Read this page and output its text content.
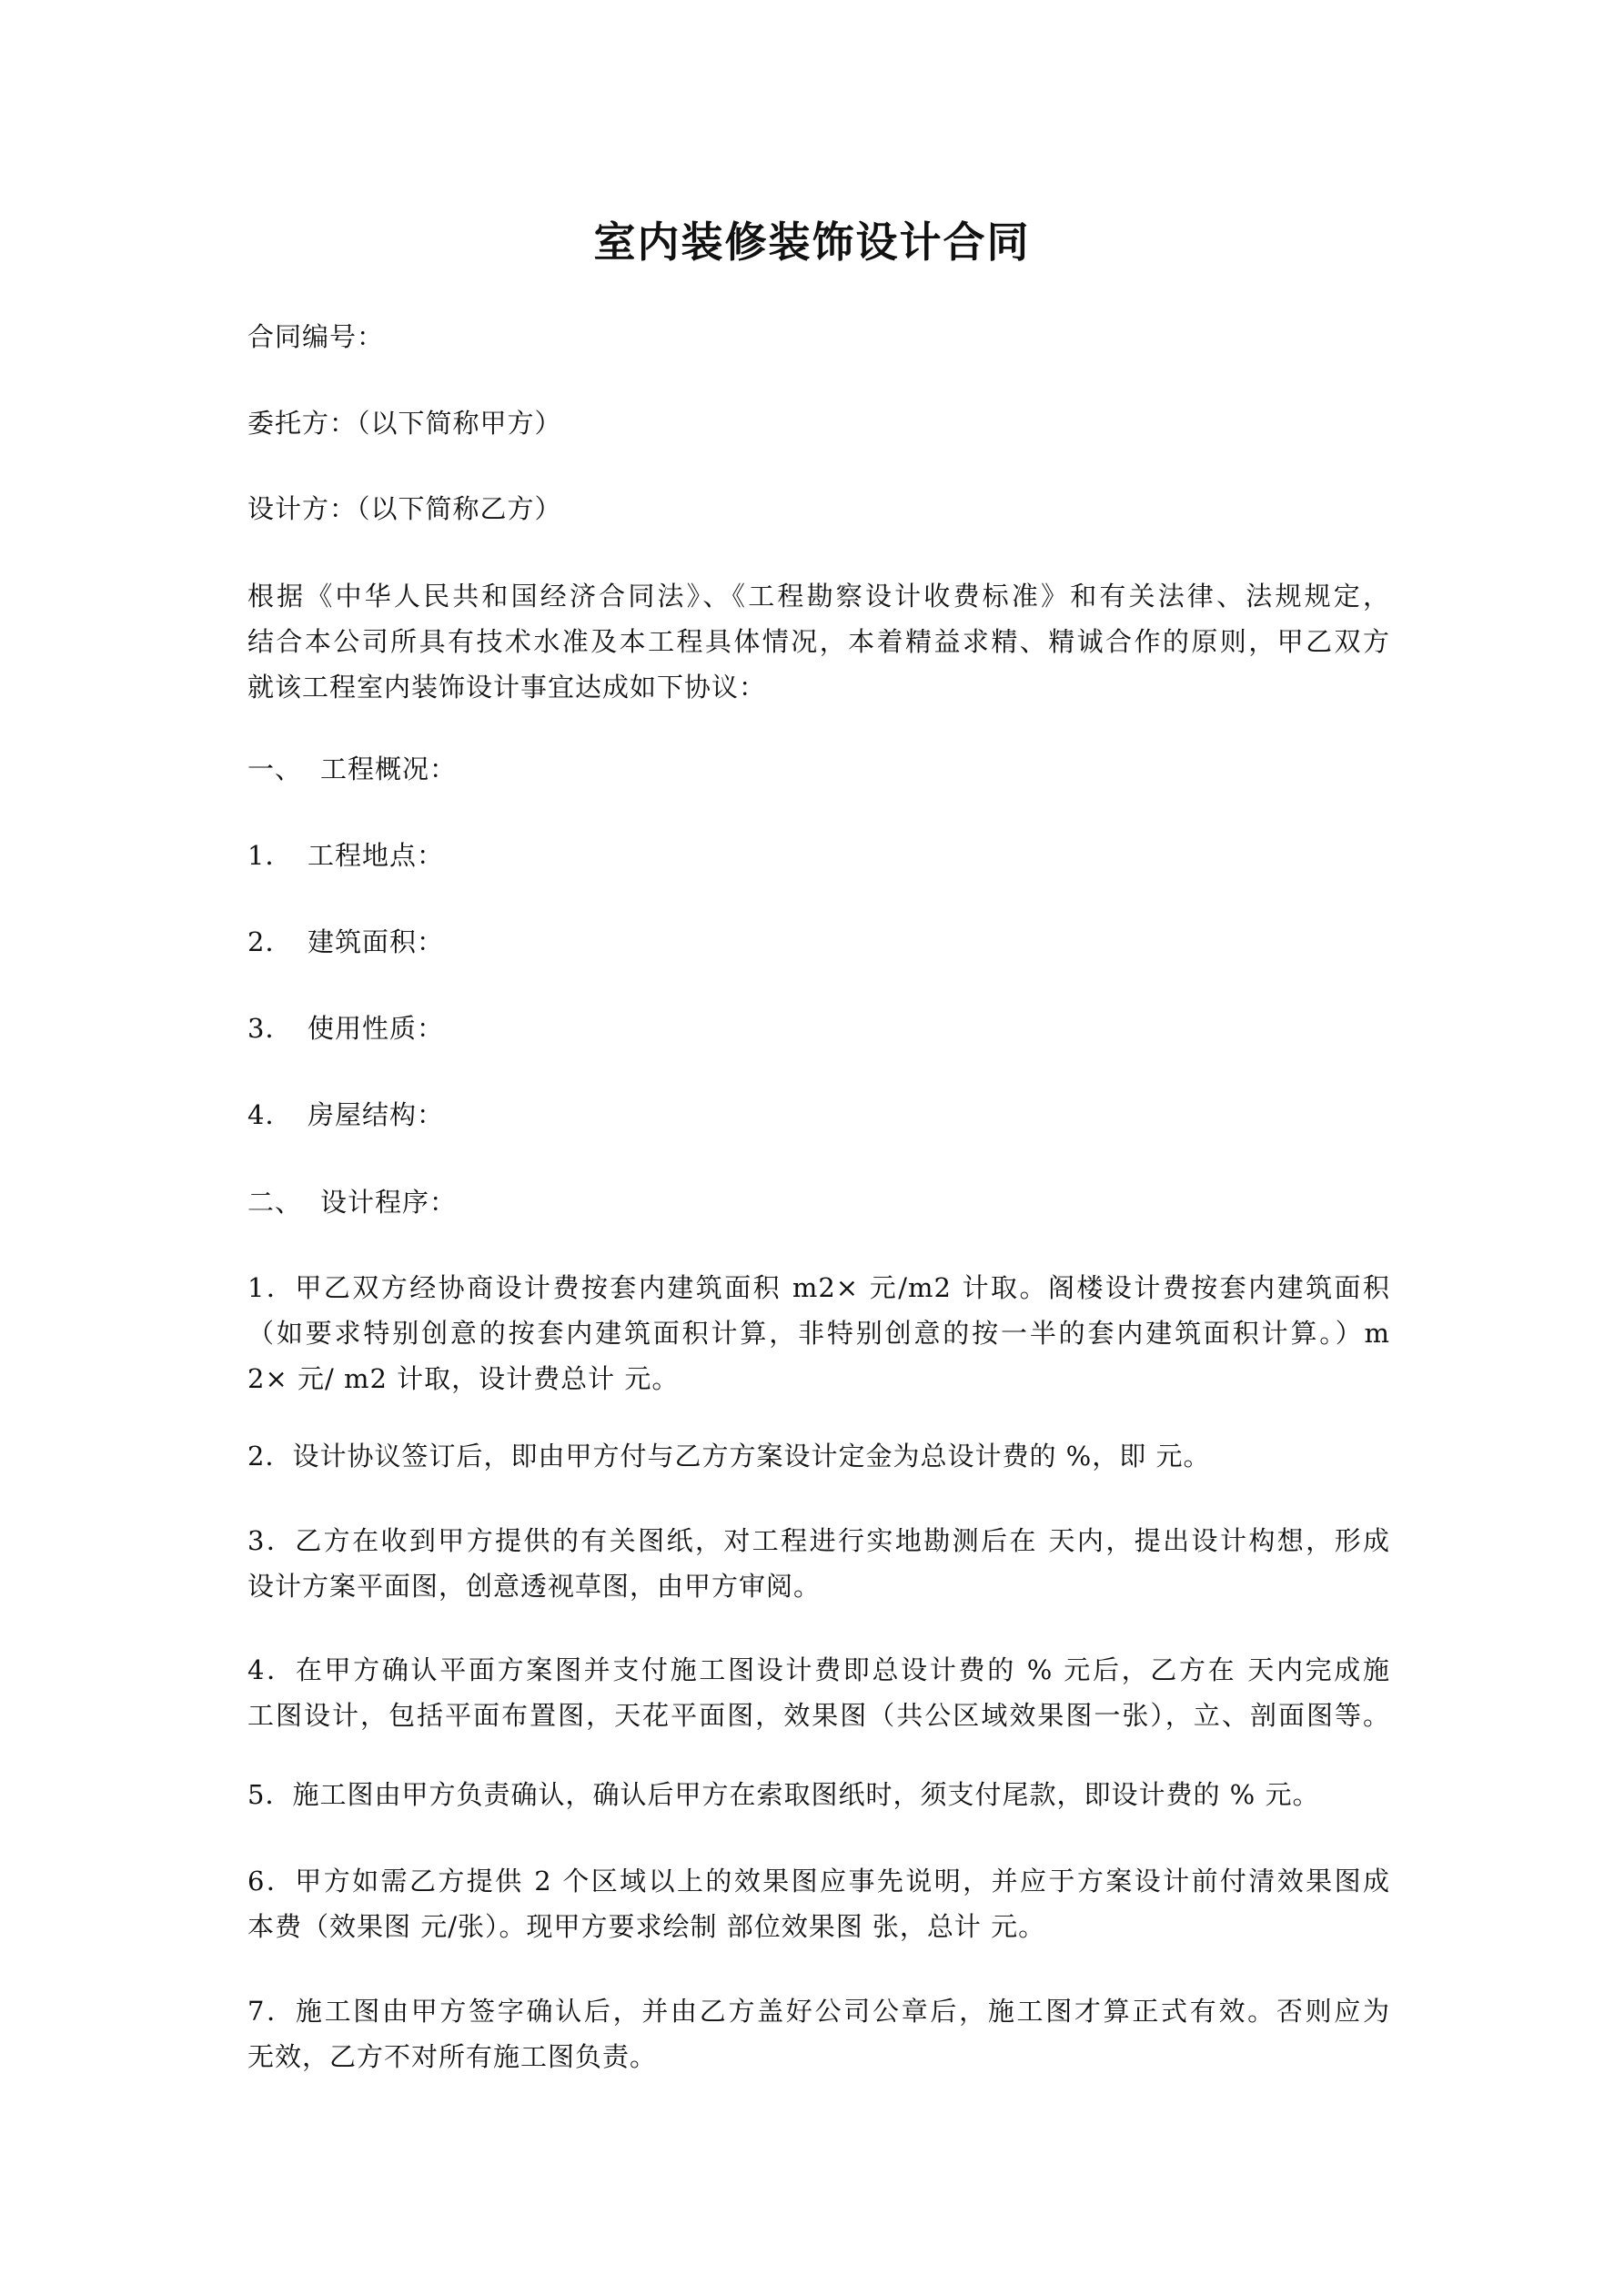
室内装修装饰设计合同
合同编号：
委托方：（以下简称甲方）
设计方：（以下简称乙方）
根据《中华人民共和国经济合同法》、《工程勘察设计收费标准》和有关法律、法规规定，
结合本公司所具有技术水准及本工程具体情况，本着精益求精、精诚合作的原则，甲乙双方
就该工程室内装饰设计事宜达成如下协议：
一、 工程概况：
1． 工程地点：
2． 建筑面积：
3． 使用性质：
4． 房屋结构：
二、 设计程序：
1．甲乙双方经协商设计费按套内建筑面积 m2× 元/m2 计取。阁楼设计费按套内建筑面积
（如要求特别创意的按套内建筑面积计算，非特别创意的按一半的套内建筑面积计算。）m
2× 元/ m2 计取，设计费总计 元。
2．设计协议签订后，即由甲方付与乙方方案设计定金为总设计费的 %，即 元。
3．乙方在收到甲方提供的有关图纸，对工程进行实地勘测后在 天内，提出设计构想，形成
设计方案平面图，创意透视草图，由甲方审阅。
4．在甲方确认平面方案图并支付施工图设计费即总设计费的 % 元后，乙方在 天内完成施
工图设计，包括平面布置图，天花平面图，效果图（共公区域效果图一张），立、剖面图等。
5．施工图由甲方负责确认，确认后甲方在索取图纸时，须支付尾款，即设计费的 % 元。
6．甲方如需乙方提供 2 个区域以上的效果图应事先说明，并应于方案设计前付清效果图成
本费（效果图 元/张）。现甲方要求绘制 部位效果图 张，总计 元。
7．施工图由甲方签字确认后，并由乙方盖好公司公章后，施工图才算正式有效。否则应为
无效，乙方不对所有施工图负责。
